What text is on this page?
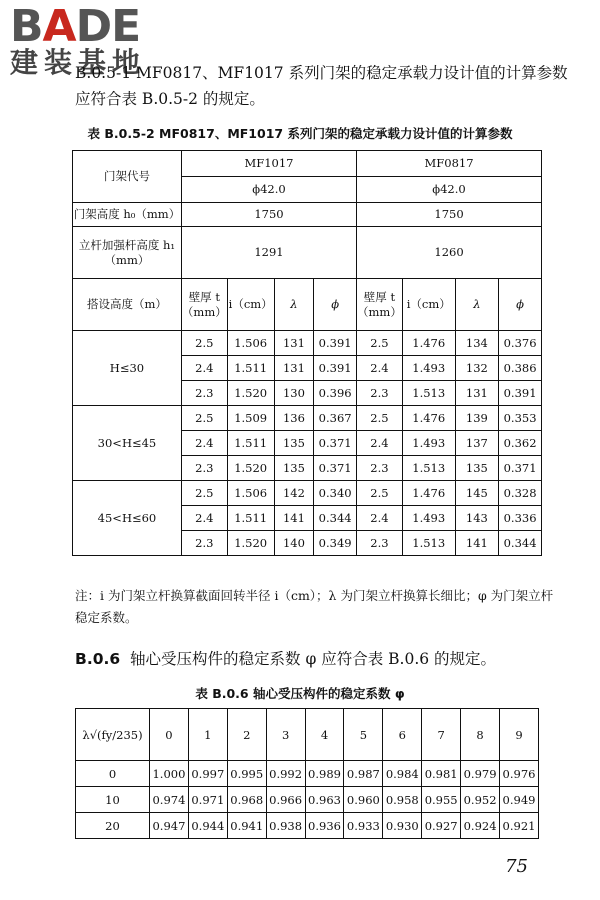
BADE
建装基地
B.0.5-1 MF0817、MF1017 系列门架的稳定承载力设计值的计算参数应符合表 B.0.5-2 的规定。
表 B.0.5-2 MF0817、MF1017 系列门架的稳定承载力设计值的计算参数
门架代号	MF1017				MF0817			
	ϕ42.0				ϕ42.0			
门架高度 h₀（mm）	1750				1750			
立杆加强杆高度 h₁（mm）	1291				1260			
搭设高度（m）	壁厚 t（mm）	i（cm）	λ	ϕ	壁厚 t（mm）	i（cm）	λ	ϕ
H≤30	2.5	1.506	131	0.391	2.5	1.476	134	0.376
	2.4	1.511	131	0.391	2.4	1.493	132	0.386
	2.3	1.520	130	0.396	2.3	1.513	131	0.391
30<H≤45	2.5	1.509	136	0.367	2.5	1.476	139	0.353
	2.4	1.511	135	0.371	2.4	1.493	137	0.362
	2.3	1.520	135	0.371	2.3	1.513	135	0.371
45<H≤60	2.5	1.506	142	0.340	2.5	1.476	145	0.328
	2.4	1.511	141	0.344	2.4	1.493	143	0.336
	2.3	1.520	140	0.349	2.3	1.513	141	0.344
注：i 为门架立杆换算截面回转半径 i（cm）；λ 为门架立杆换算长细比；φ 为门架立杆稳定系数。
B.0.6 轴心受压构件的稳定系数 φ 应符合表 B.0.6 的规定。
表 B.0.6 轴心受压构件的稳定系数 φ
λ√(fy/235)	0	1	2	3	4	5	6	7	8	9
0	1.000	0.997	0.995	0.992	0.989	0.987	0.984	0.981	0.979	0.976
10	0.974	0.971	0.968	0.966	0.963	0.960	0.958	0.955	0.952	0.949
20	0.947	0.944	0.941	0.938	0.936	0.933	0.930	0.927	0.924	0.921
75
